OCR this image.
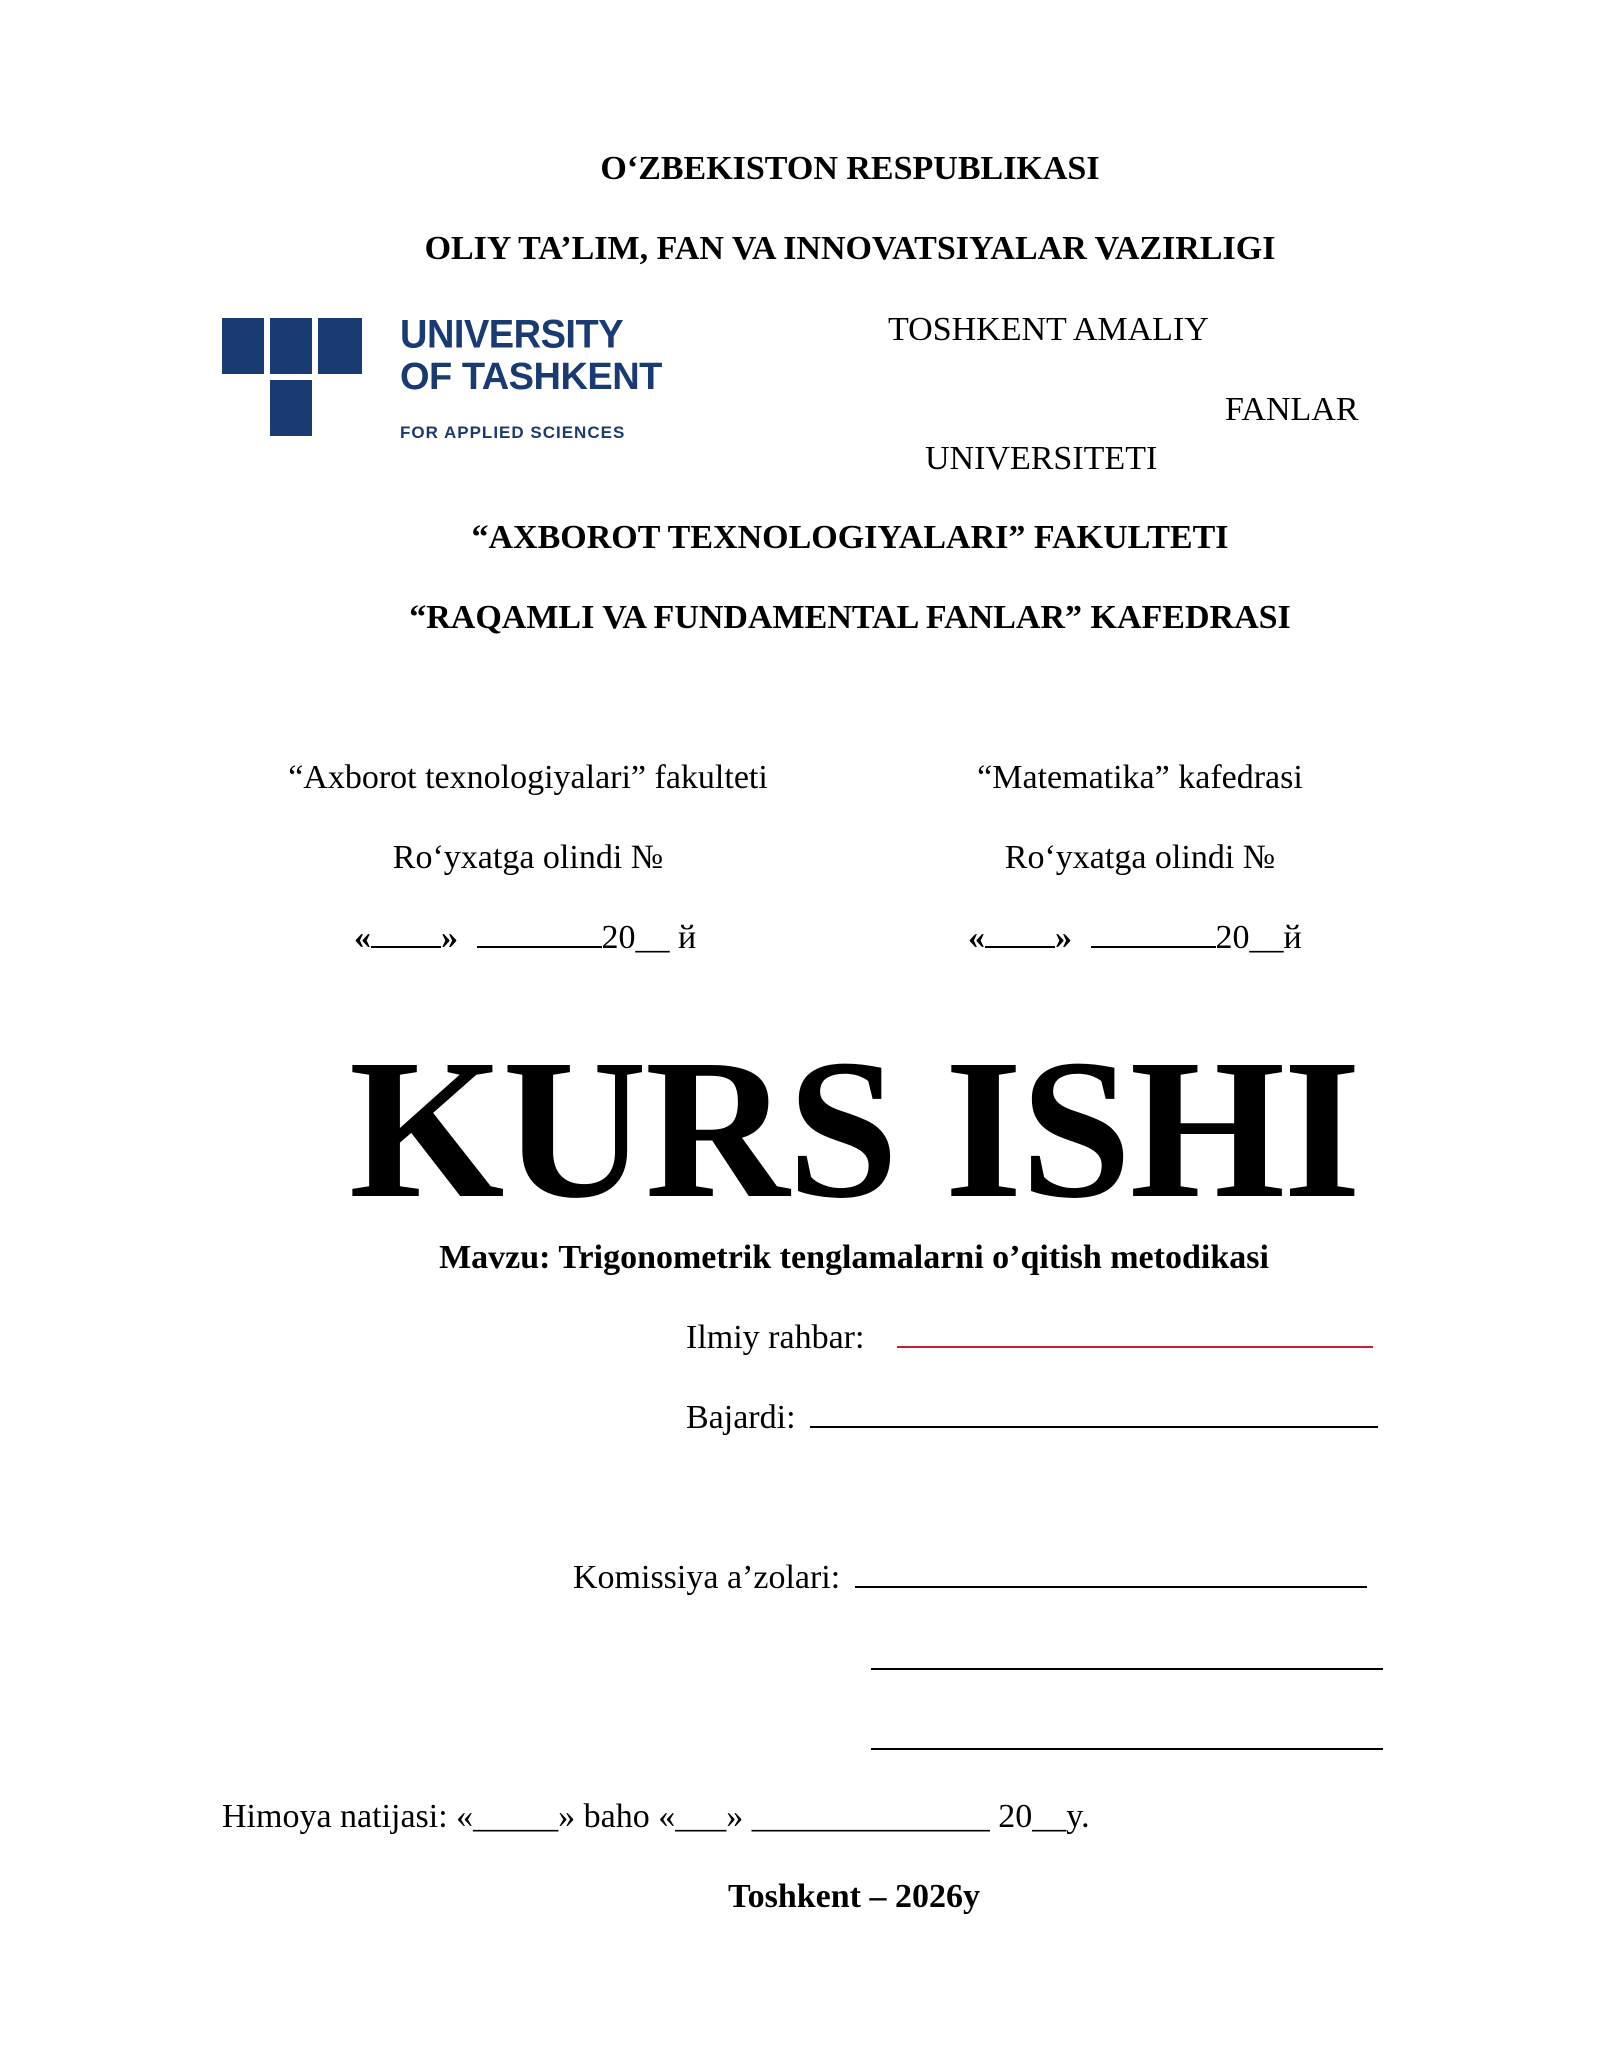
O‘ZBEKISTON RESPUBLIKASI
OLIY TA’LIM, FAN VA INNOVATSIYALAR VAZIRLIGI
UNIVERSITY
OF TASHKENT
FOR APPLIED SCIENCES
TOSHKENT AMALIY
FANLAR
UNIVERSITETI
“AXBOROT TEXNOLOGIYALARI” FAKULTETI
“RAQAMLI VA FUNDAMENTAL FANLAR” KAFEDRASI
“Axborot texnologiyalari” fakulteti
Ro‘yxatga olindi №
« »	20__ й
“Matematika” kafedrasi
Ro‘yxatga olindi №
« »	20__й
KURS ISHI
Mavzu: Trigonometrik tenglamalarni o’qitish metodikasi
Ilmiy rahbar:
Bajardi:
Komissiya a’zolari:
Himoya natijasi: «_____» baho «___» ______________ 20__y.
Toshkent – 2026y
